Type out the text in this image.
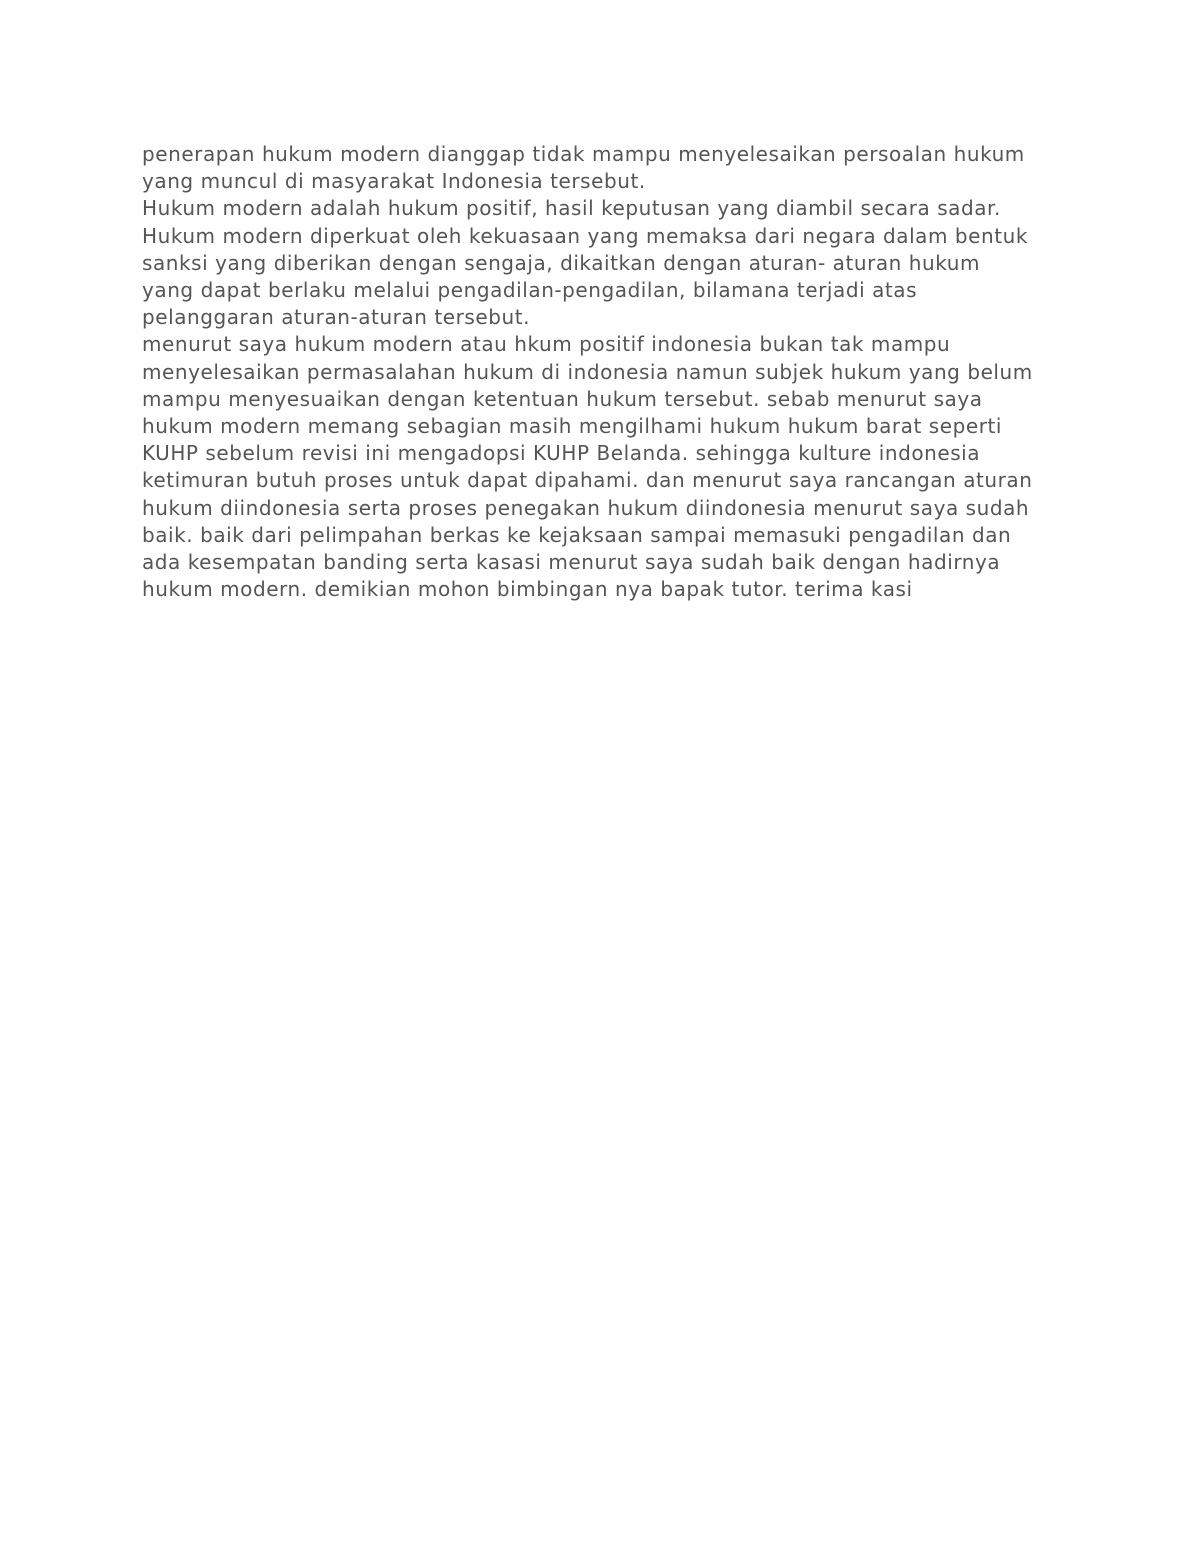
penerapan hukum modern dianggap tidak mampu menyelesaikan persoalan hukum
yang muncul di masyarakat Indonesia tersebut.
Hukum modern adalah hukum positif, hasil keputusan yang diambil secara sadar.
Hukum modern diperkuat oleh kekuasaan yang memaksa dari negara dalam bentuk
sanksi yang diberikan dengan sengaja, dikaitkan dengan aturan- aturan hukum
yang dapat berlaku melalui pengadilan-pengadilan, bilamana terjadi atas
pelanggaran aturan-aturan tersebut.
menurut saya hukum modern atau hkum positif indonesia bukan tak mampu
menyelesaikan permasalahan hukum di indonesia namun subjek hukum yang belum
mampu menyesuaikan dengan ketentuan hukum tersebut. sebab menurut saya
hukum modern memang sebagian masih mengilhami hukum hukum barat seperti
KUHP sebelum revisi ini mengadopsi KUHP Belanda. sehingga kulture indonesia
ketimuran butuh proses untuk dapat dipahami. dan menurut saya rancangan aturan
hukum diindonesia serta proses penegakan hukum diindonesia menurut saya sudah
baik. baik dari pelimpahan berkas ke kejaksaan sampai memasuki pengadilan dan
ada kesempatan banding serta kasasi menurut saya sudah baik dengan hadirnya
hukum modern. demikian mohon bimbingan nya bapak tutor. terima kasi
